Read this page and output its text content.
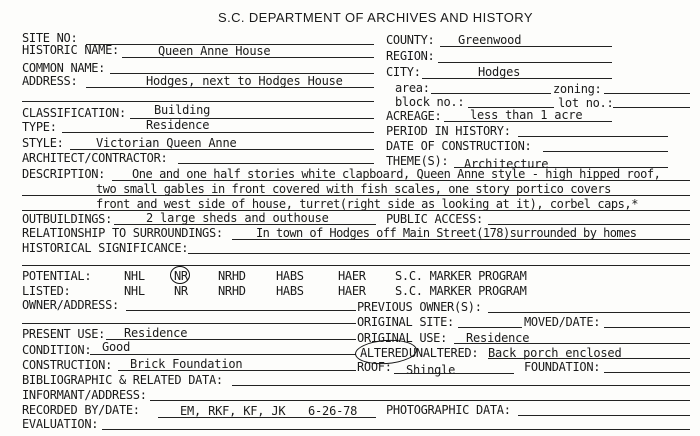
S.C. DEPARTMENT OF ARCHIVES AND HISTORY
SITE NO:
HISTORIC NAME:	Queen Anne House
COMMON NAME:
ADDRESS:	Hodges, next to Hodges House
CLASSIFICATION: Building
TYPE:	Residence
STYLE:	Victorian Queen Anne
ARCHITECT/CONTRACTOR:
COUNTY: Greenwood
REGION:
CITY:	Hodges
area:	zoning:
block no.:	lot no.:
ACREAGE: less than 1 acre
PERIOD IN HISTORY:
DATE OF CONSTRUCTION:
THEME(S): Architecture
DESCRIPTION: One and one half stories white clapboard, Queen Anne style - high hipped roof,
two small gables in front covered with fish scales, one story portico covers
front and west side of house, turret(right side as looking at it), corbel caps,*
OUTBUILDINGS:	2 large sheds and outhouse	PUBLIC ACCESS:
RELATIONSHIP TO SURROUNDINGS:	In town of Hodges off Main Street(178)surrounded by homes
HISTORICAL SIGNIFICANCE:
POTENTIAL:	NHL NR	NRHD	HABS	HAER S.C. MARKER PROGRAM
LISTED:	NHL NR	NRHD	HABS	HAER S.C. MARKER PROGRAM
OWNER/ADDRESS:	PREVIOUS OWNER(S):
ORIGINAL SITE:	MOVED/DATE:
PRESENT USE: Residence	ORIGINAL USE: Residence
CONDITION: Good	ALTERED UNALTERED: Back porch enclosed
CONSTRUCTION: Brick Foundation	ROOF: Shingle	FOUNDATION:
BIBLIOGRAPHIC & RELATED DATA:
INFORMANT/ADDRESS:
RECORDED BY/DATE:	EM, RKF, KF, JK 6-26-78 PHOTOGRAPHIC DATA:
EVALUATION:
